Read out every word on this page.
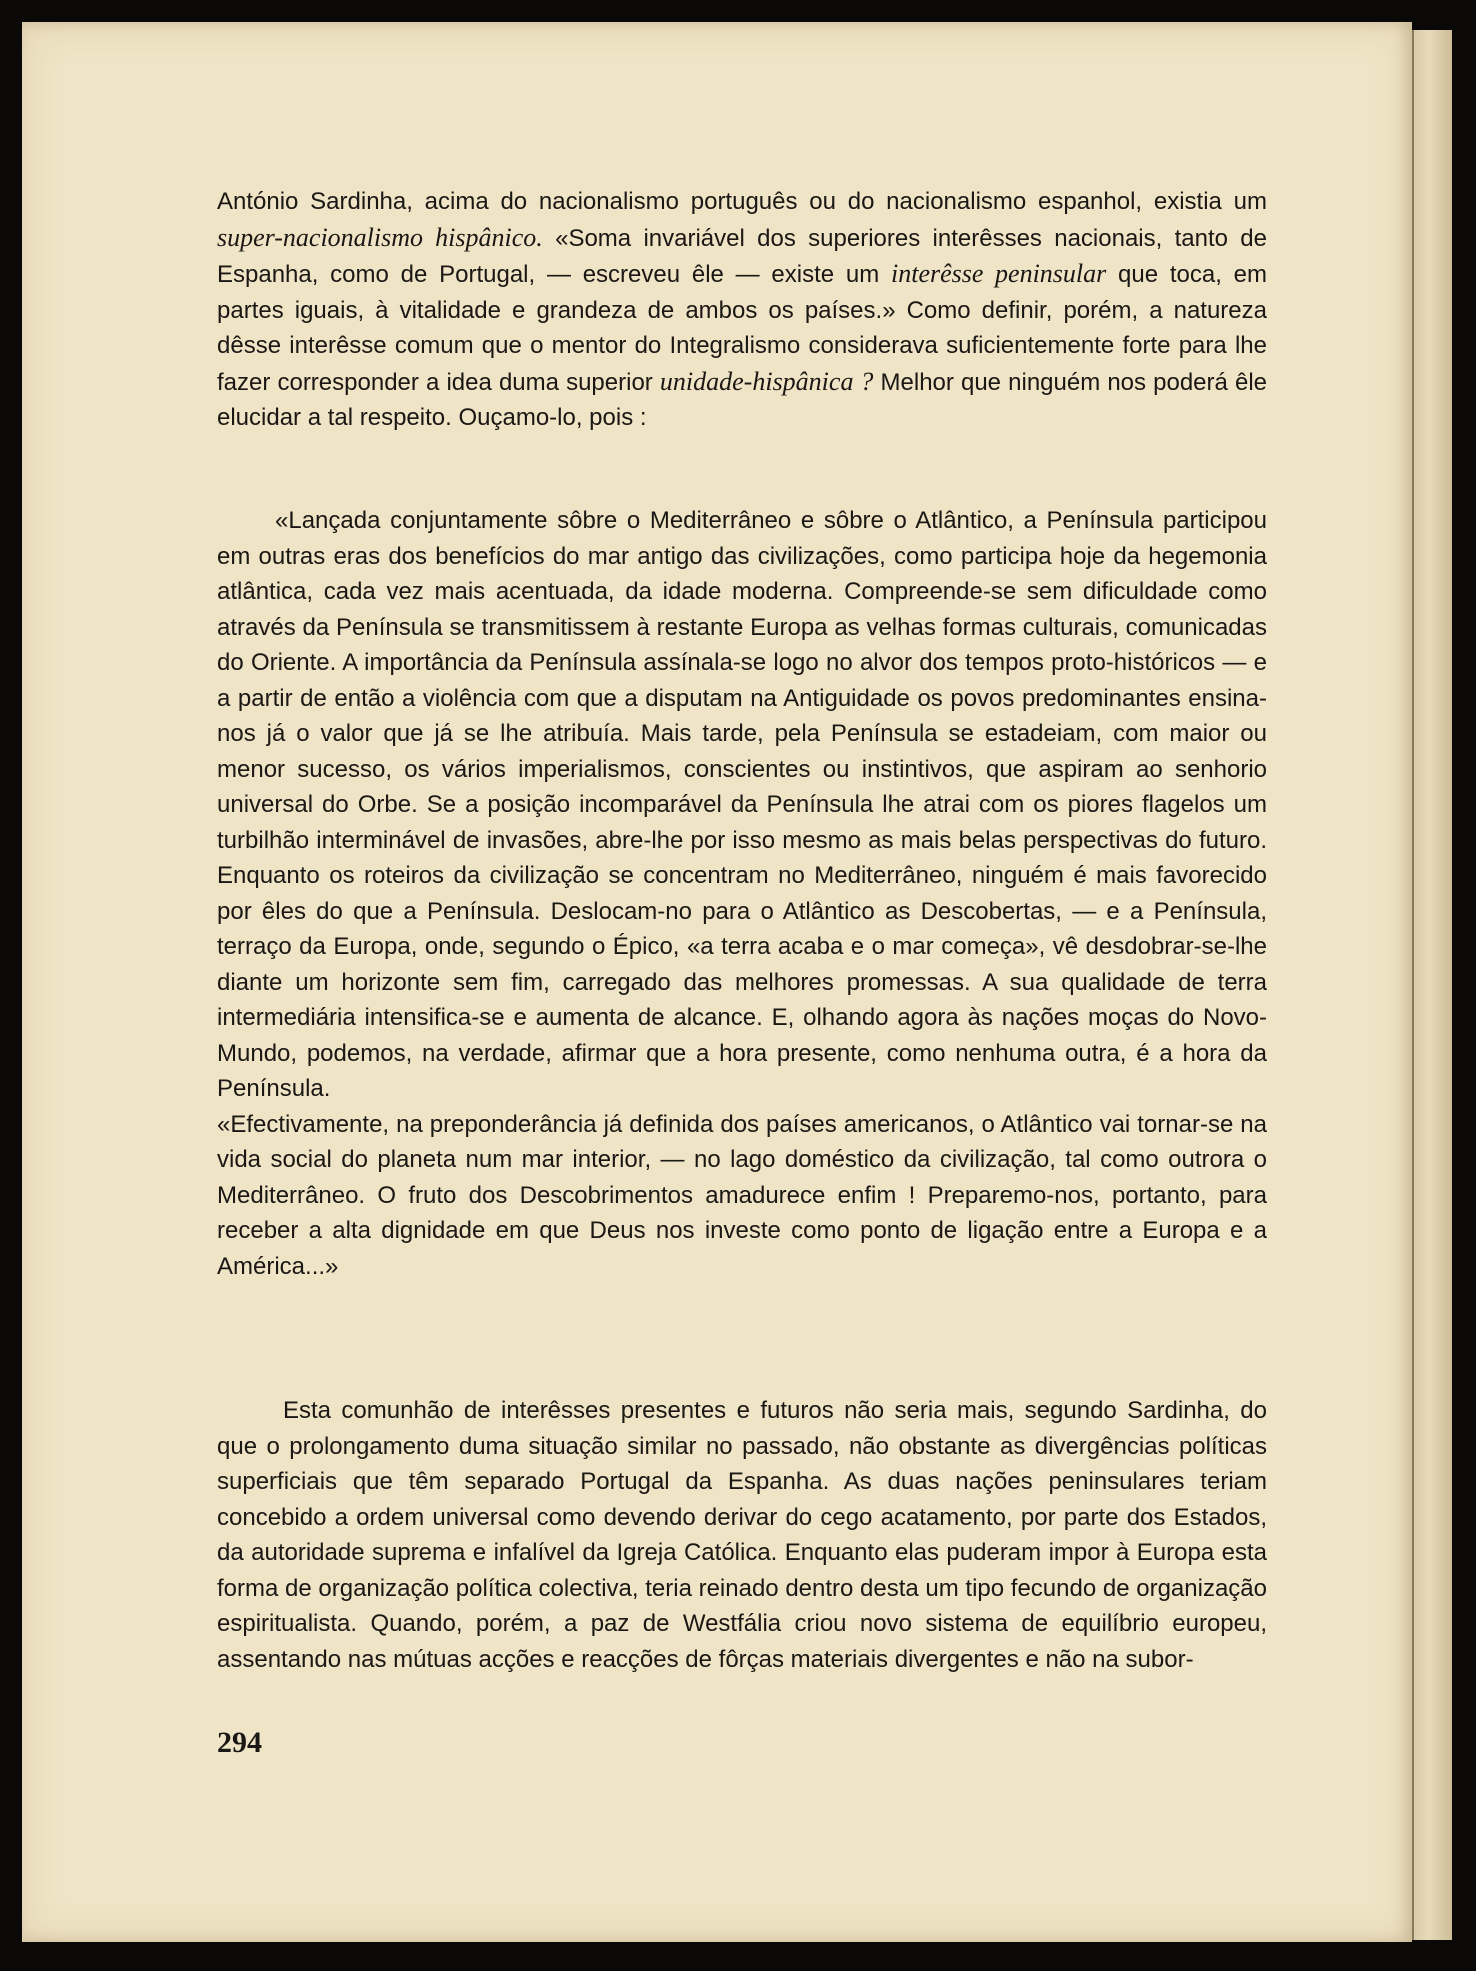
António Sardinha, acima do nacionalismo português ou do nacionalismo espanhol, existia um super-nacionalismo hispânico. «Soma invariável dos superiores interêsses nacionais, tanto de Espanha, como de Portugal, — escreveu êle — existe um interêsse peninsular que toca, em partes iguais, à vitalidade e grandeza de ambos os países.» Como definir, porém, a natureza dêsse interêsse comum que o mentor do Integralismo considerava suficientemente forte para lhe fazer corresponder a idea duma superior unidade-hispânica ? Melhor que ninguém nos poderá êle elucidar a tal respeito. Ouçamo-lo, pois :

«Lançada conjuntamente sôbre o Mediterrâneo e sôbre o Atlântico, a Península participou em outras eras dos benefícios do mar antigo das civilizações, como participa hoje da hegemonia atlântica, cada vez mais acentuada, da idade moderna. Compreende-se sem dificuldade como através da Península se transmitissem à restante Europa as velhas formas culturais, comunicadas do Oriente. A importância da Península assínala-se logo no alvor dos tempos proto-históricos — e a partir de então a violência com que a disputam na Antiguidade os povos predominantes ensina-nos já o valor que já se lhe atribuía. Mais tarde, pela Península se estadeiam, com maior ou menor sucesso, os vários imperialismos, conscientes ou instintivos, que aspiram ao senhorio universal do Orbe. Se a posição incomparável da Península lhe atrai com os piores flagelos um turbilhão interminável de invasões, abre-lhe por isso mesmo as mais belas perspectivas do futuro. Enquanto os roteiros da civilização se concentram no Mediterrâneo, ninguém é mais favorecido por êles do que a Península. Deslocam-no para o Atlântico as Descobertas, — e a Península, terraço da Europa, onde, segundo o Épico, «a terra acaba e o mar começa», vê desdobrar-se-lhe diante um horizonte sem fim, carregado das melhores promessas. A sua qualidade de terra intermediária intensifica-se e aumenta de alcance. E, olhando agora às nações moças do Novo-Mundo, podemos, na verdade, afirmar que a hora presente, como nenhuma outra, é a hora da Península.

«Efectivamente, na preponderância já definida dos países americanos, o Atlântico vai tornar-se na vida social do planeta num mar interior, — no lago doméstico da civilização, tal como outrora o Mediterrâneo. O fruto dos Descobrimentos amadurece enfim ! Preparemo-nos, portanto, para receber a alta dignidade em que Deus nos investe como ponto de ligação entre a Europa e a América...»

Esta comunhão de interêsses presentes e futuros não seria mais, segundo Sardinha, do que o prolongamento duma situação similar no passado, não obstante as divergências políticas superficiais que têm separado Portugal da Espanha. As duas nações peninsulares teriam concebido a ordem universal como devendo derivar do cego acatamento, por parte dos Estados, da autoridade suprema e infalível da Igreja Católica. Enquanto elas puderam impor à Europa esta forma de organização política colectiva, teria reinado dentro desta um tipo fecundo de organização espiritualista. Quando, porém, a paz de Westfália criou novo sistema de equilíbrio europeu, assentando nas mútuas acções e reacções de fôrças materiais divergentes e não na subor-

294
